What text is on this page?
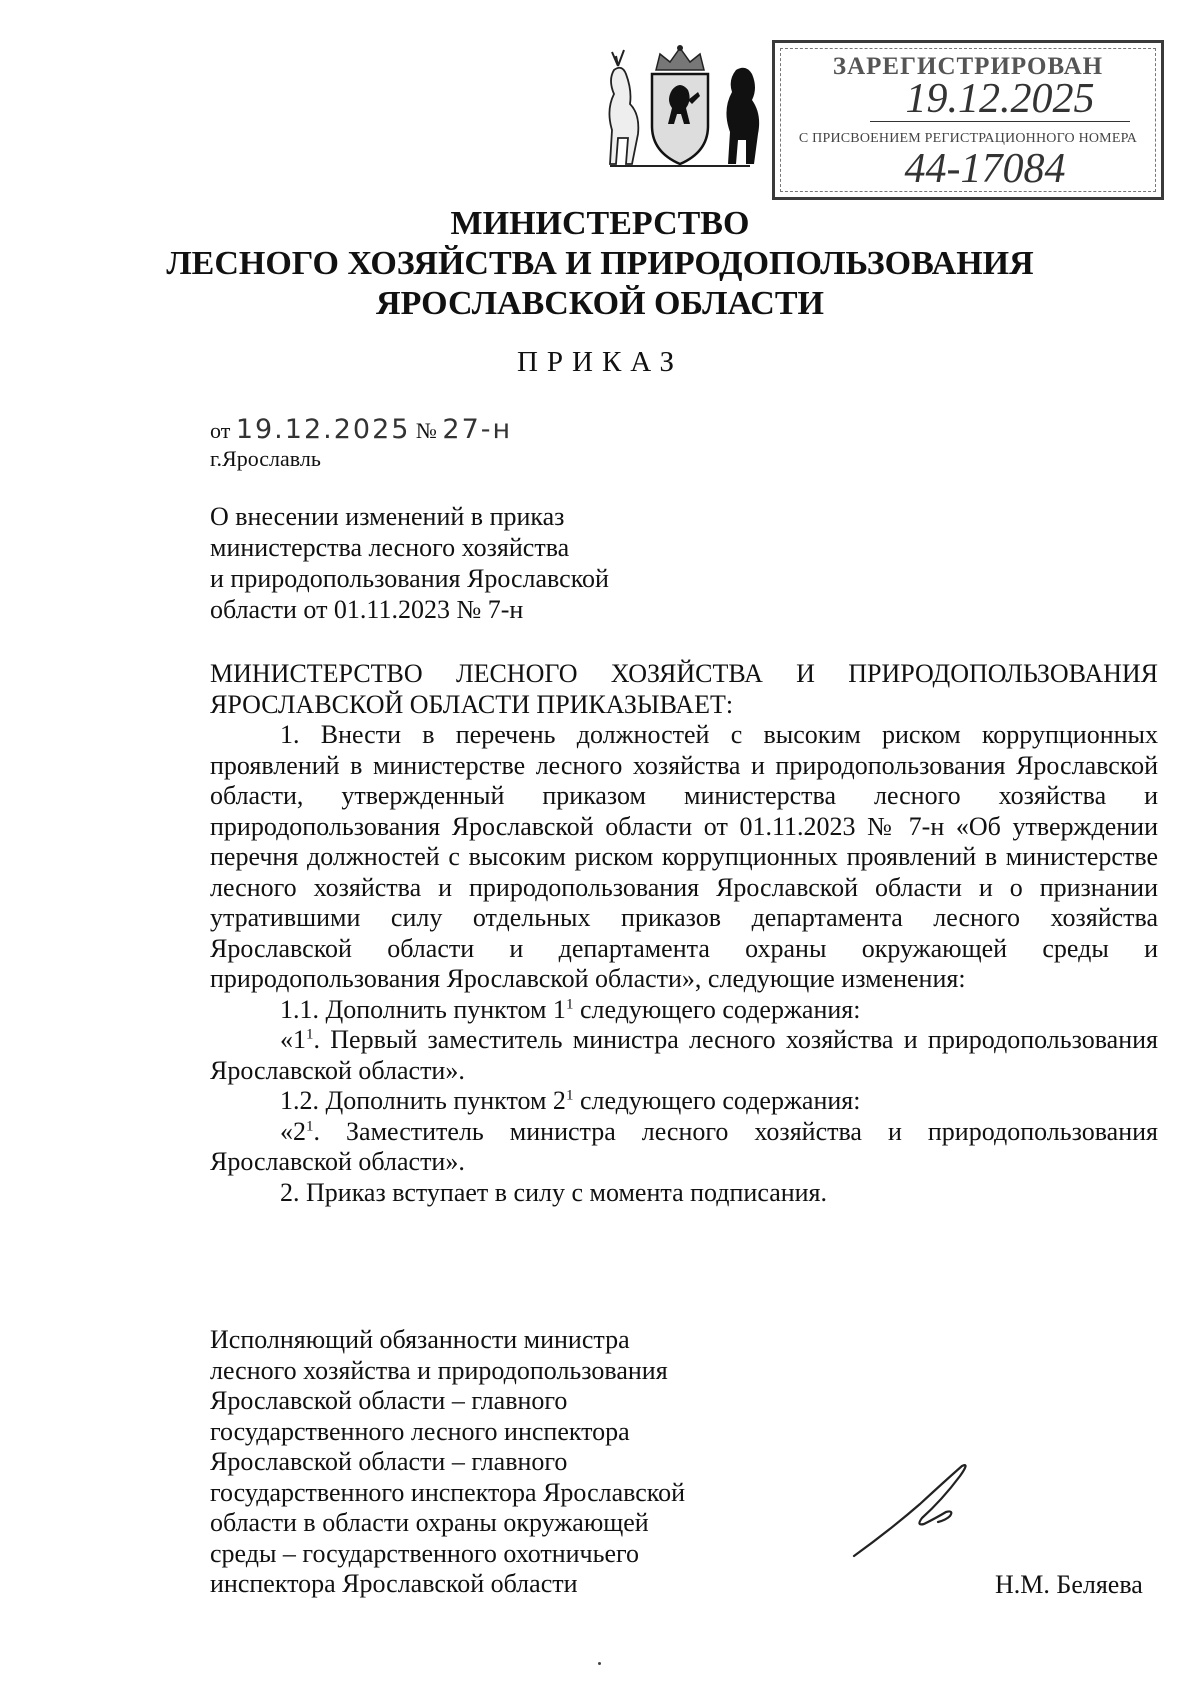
ЗАРЕГИСТРИРОВАН
19.12.2025
С ПРИСВОЕНИЕМ РЕГИСТРАЦИОННОГО НОМЕРА
44-17084
МИНИСТЕРСТВО
ЛЕСНОГО ХОЗЯЙСТВА И ПРИРОДОПОЛЬЗОВАНИЯ
ЯРОСЛАВСКОЙ ОБЛАСТИ
ПРИКАЗ
от 19.12.2025 № 27-н
г.Ярославль
О внесении изменений в приказ
министерства лесного хозяйства
и природопользования Ярославской
области от 01.11.2023 № 7-н

МИНИСТЕРСТВО ЛЕСНОГО ХОЗЯЙСТВА И ПРИРОДОПОЛЬЗОВАНИЯ ЯРОСЛАВСКОЙ ОБЛАСТИ ПРИКАЗЫВАЕТ:

1. Внести в перечень должностей с высоким риском коррупционных проявлений в министерстве лесного хозяйства и природопользования Ярославской области, утвержденный приказом министерства лесного хозяйства и природопользования Ярославской области от 01.11.2023 № 7-н «Об утверждении перечня должностей с высоким риском коррупционных проявлений в министерстве лесного хозяйства и природопользования Ярославской области и о признании утратившими силу отдельных приказов департамента лесного хозяйства Ярославской области и департамента охраны окружающей среды и природопользования Ярославской области», следующие изменения:

1.1. Дополнить пунктом $1^1$ следующего содержания:

«$1^1$. Первый заместитель министра лесного хозяйства и природопользования Ярославской области».

1.2. Дополнить пунктом $2^1$ следующего содержания:

«$2^1$. Заместитель министра лесного хозяйства и природопользования Ярославской области».

2. Приказ вступает в силу с момента подписания.

Исполняющий обязанности министра
лесного хозяйства и природопользования
Ярославской области – главного
государственного лесного инспектора
Ярославской области – главного
государственного инспектора Ярославской
области в области охраны окружающей
среды – государственного охотничьего
инспектора Ярославской области	Н.М. Беляева
